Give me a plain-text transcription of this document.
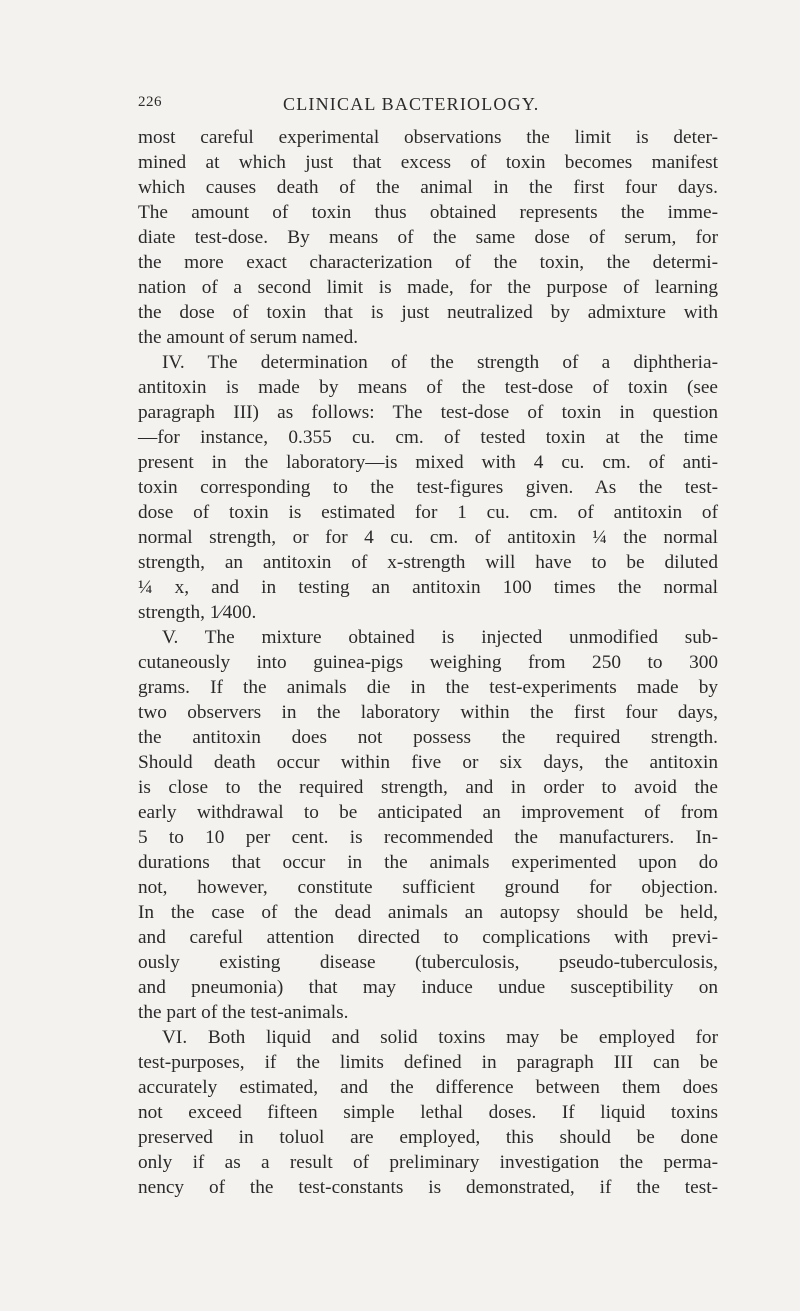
226	CLINICAL BACTERIOLOGY.
most careful experimental observations the limit is deter-
mined at which just that excess of toxin becomes manifest
which causes death of the animal in the first four days.
The amount of toxin thus obtained represents the imme-
diate test-dose. By means of the same dose of serum, for
the more exact characterization of the toxin, the determi-
nation of a second limit is made, for the purpose of learning
the dose of toxin that is just neutralized by admixture with
the amount of serum named.
IV. The determination of the strength of a diphtheria-
antitoxin is made by means of the test-dose of toxin (see
paragraph III) as follows: The test-dose of toxin in question
—for instance, 0.355 cu. cm. of tested toxin at the time
present in the laboratory—is mixed with 4 cu. cm. of anti-
toxin corresponding to the test-figures given. As the test-
dose of toxin is estimated for 1 cu. cm. of antitoxin of
normal strength, or for 4 cu. cm. of antitoxin ¼ the normal
strength, an antitoxin of x-strength will have to be diluted
¼ x, and in testing an antitoxin 100 times the normal
strength, 1⁄400.
V. The mixture obtained is injected unmodified sub-
cutaneously into guinea-pigs weighing from 250 to 300
grams. If the animals die in the test-experiments made by
two observers in the laboratory within the first four days,
the antitoxin does not possess the required strength.
Should death occur within five or six days, the antitoxin
is close to the required strength, and in order to avoid the
early withdrawal to be anticipated an improvement of from
5 to 10 per cent. is recommended the manufacturers. In-
durations that occur in the animals experimented upon do
not, however, constitute sufficient ground for objection.
In the case of the dead animals an autopsy should be held,
and careful attention directed to complications with previ-
ously existing disease (tuberculosis, pseudo-tuberculosis,
and pneumonia) that may induce undue susceptibility on
the part of the test-animals.
VI. Both liquid and solid toxins may be employed for
test-purposes, if the limits defined in paragraph III can be
accurately estimated, and the difference between them does
not exceed fifteen simple lethal doses. If liquid toxins
preserved in toluol are employed, this should be done
only if as a result of preliminary investigation the perma-
nency of the test-constants is demonstrated, if the test-
